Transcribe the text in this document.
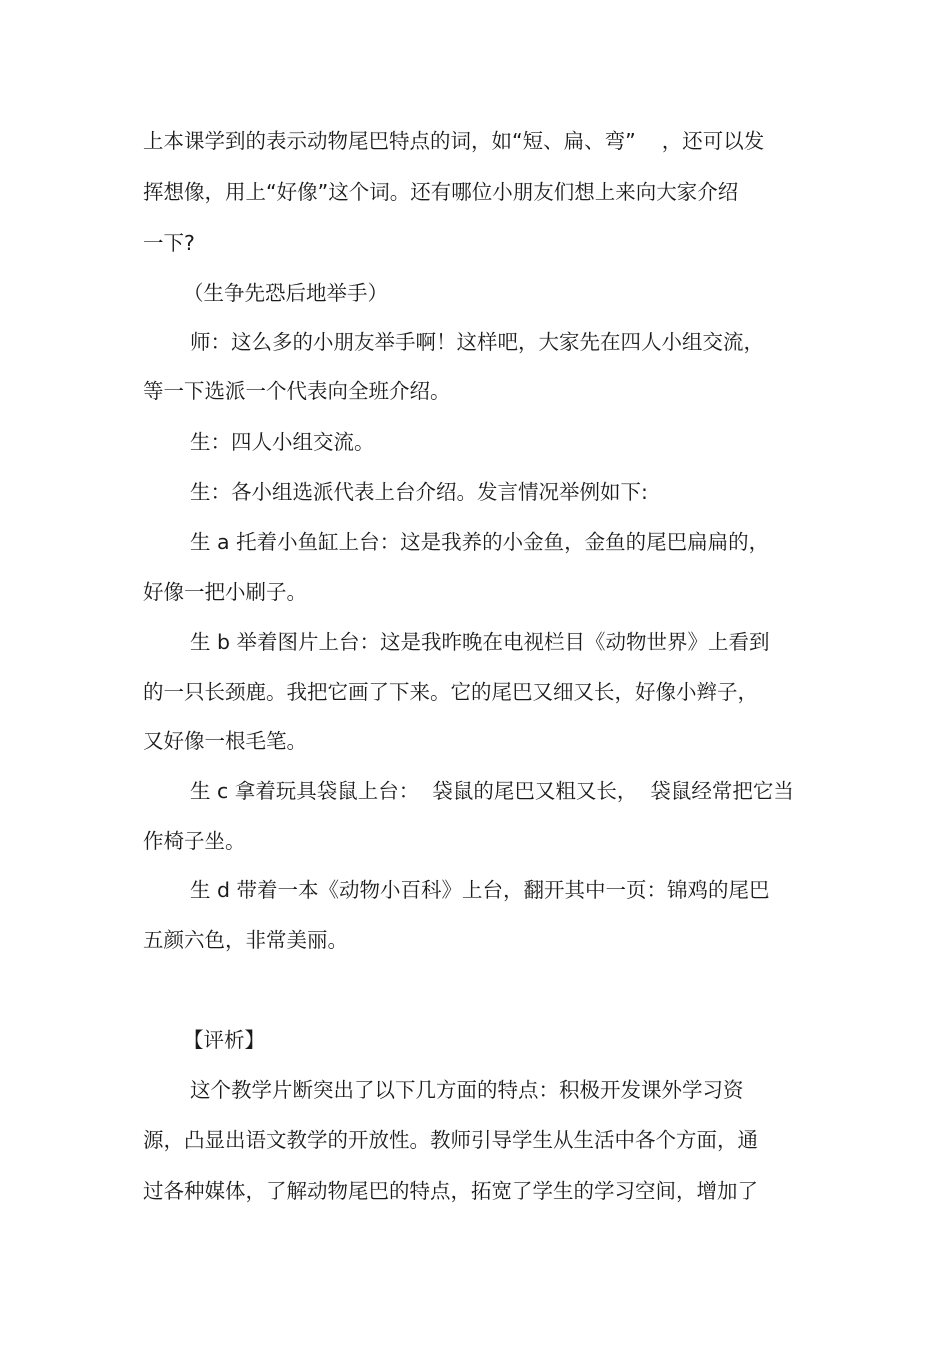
上本课学到的表示动物尾巴特点的词，如“短、扁、弯”    ，还可以发
挥想像，用上“好像”这个词。还有哪位小朋友们想上来向大家介绍
一下?
（生争先恐后地举手）
师：这么多的小朋友举手啊！这样吧，大家先在四人小组交流，
等一下选派一个代表向全班介绍。
生：四人小组交流。
生：各小组选派代表上台介绍。发言情况举例如下:
生 a 托着小鱼缸上台：这是我养的小金鱼，金鱼的尾巴扁扁的，
好像一把小刷子。
生 b 举着图片上台：这是我昨晚在电视栏目《动物世界》上看到
的一只长颈鹿。我把它画了下来。它的尾巴又细又长，好像小辫子，
又好像一根毛笔。
生 c 拿着玩具袋鼠上台：  袋鼠的尾巴又粗又长，  袋鼠经常把它当
作椅子坐。
生 d 带着一本《动物小百科》上台，翻开其中一页：锦鸡的尾巴
五颜六色，非常美丽。
【评析】
这个教学片断突出了以下几方面的特点：积极开发课外学习资
源，凸显出语文教学的开放性。教师引导学生从生活中各个方面，通
过各种媒体，了解动物尾巴的特点，拓宽了学生的学习空间，增加了
